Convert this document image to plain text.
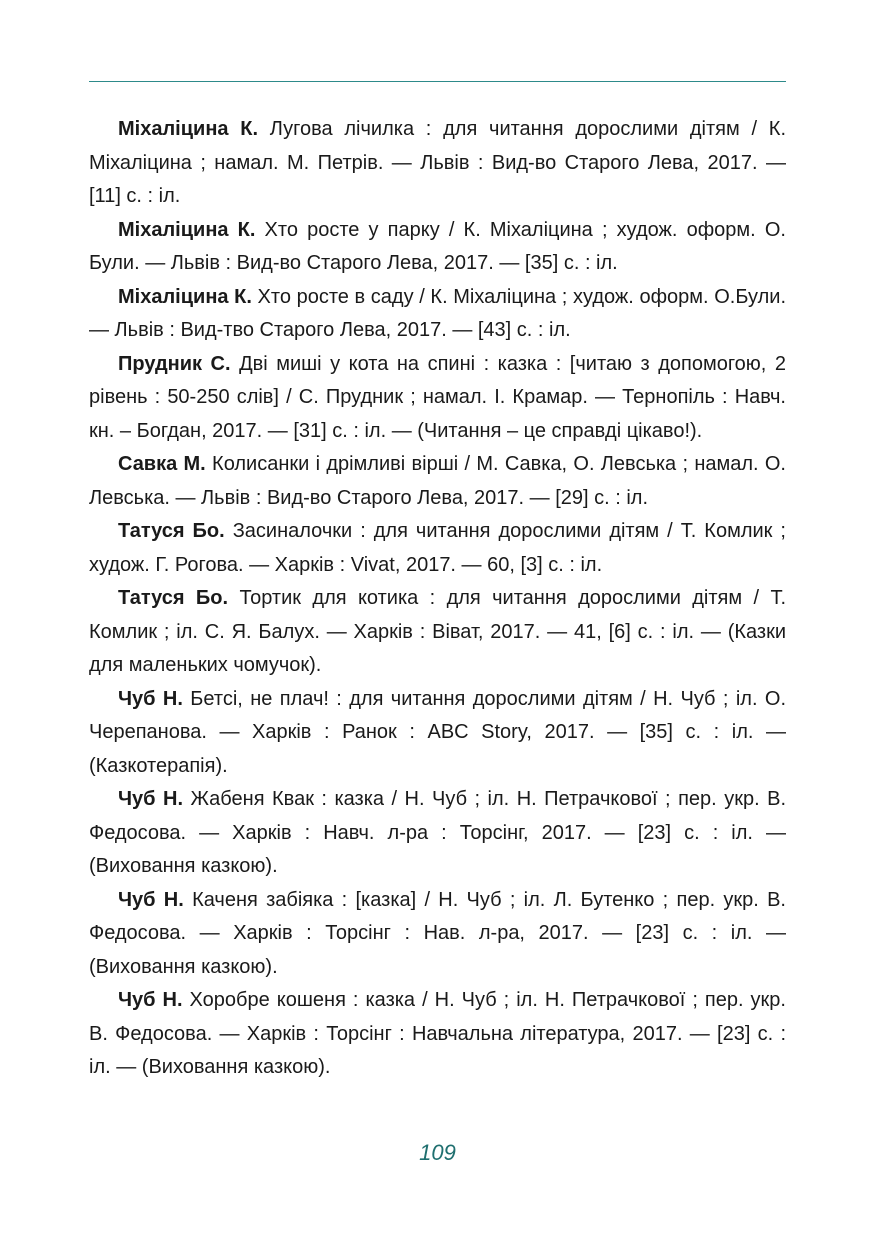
Міхаліцина К. Лугова лічилка : для читання дорослими дітям / К. Міхаліцина ; намал. М. Петрів. — Львів : Вид-во Старого Лева, 2017. — [11] с. : іл.

Міхаліцина К. Хто росте у парку / К. Міхаліцина ; худож. оформ. О. Були. — Львів : Вид-во Старого Лева, 2017. — [35] с. : іл.

Міхаліцина К. Хто росте в саду / К. Міхаліцина ; худож. оформ. О.Були. — Львів : Вид-тво Старого Лева, 2017. — [43] с. : іл.

Прудник С. Дві миші у кота на спині : казка : [читаю з допомогою, 2 рівень : 50-250 слів] / С. Прудник ; намал. І. Крамар. — Тернопіль : Навч. кн. – Богдан, 2017. — [31] с. : іл. — (Читання – це справді цікаво!).

Савка М. Колисанки і дрімливі вірші / М. Савка, О. Левська ; намал. О. Левська. — Львів : Вид-во Старого Лева, 2017. — [29] с. : іл.

Татуся Бо. Засиналочки : для читання дорослими дітям / Т. Комлик ; худож. Г. Рогова. — Харків : Vivat, 2017. — 60, [3] с. : іл.

Татуся Бо. Тортик для котика : для читання дорослими дітям / Т. Комлик ; іл. С. Я. Балух. — Харків : Віват, 2017. — 41, [6] с. : іл. — (Казки для маленьких чомучок).

Чуб Н. Бетсі, не плач! : для читання дорослими дітям / Н. Чуб ; іл. О. Черепанова. — Харків : Ранок : ABC Story, 2017. — [35] с. : іл. — (Казкотерапія).

Чуб Н. Жабеня Квак : казка / Н. Чуб ; іл. Н. Петрачкової ; пер. укр. В. Федосова. — Харків : Навч. л-ра : Торсінг, 2017. — [23] с. : іл. — (Виховання казкою).

Чуб Н. Каченя забіяка : [казка] / Н. Чуб ; іл. Л. Бутенко ; пер. укр. В. Федосова. — Харків : Торсінг : Нав. л-ра, 2017. — [23] с. : іл. — (Виховання казкою).

Чуб Н. Хоробре кошеня : казка / Н. Чуб ; іл. Н. Петрачкової ; пер. укр. В. Федосова. — Харків : Торсінг : Навчальна література, 2017. — [23] с. : іл. — (Виховання казкою).

109
